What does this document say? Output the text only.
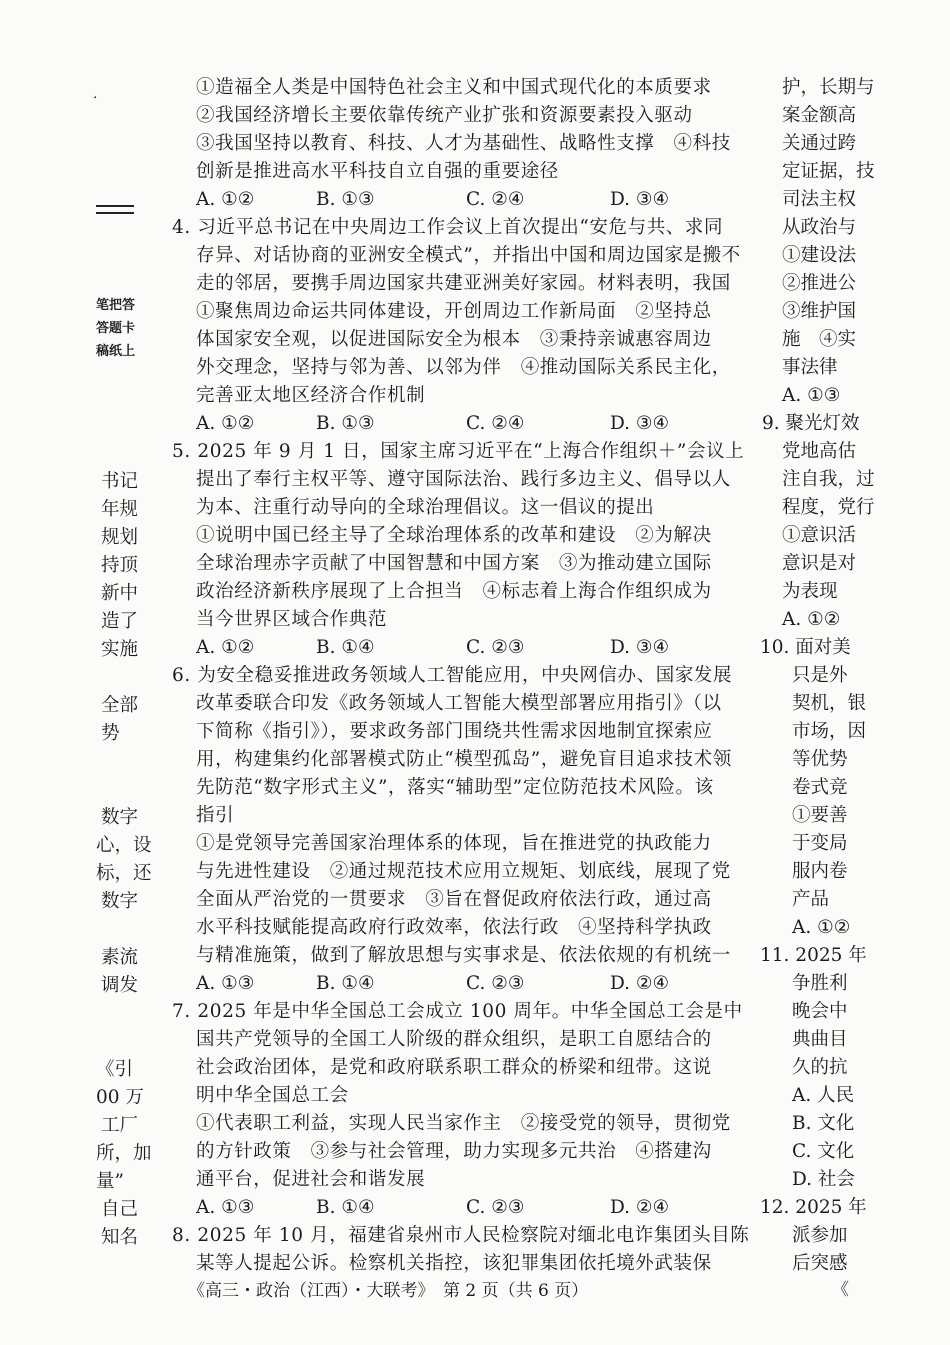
¸
笔把答
答题卡
稿纸上
书记
年规
规划
持顶
新中
造了
实施
全部
势
数字
心，设
标，还
数字
素流
调发
《引
00 万
工厂
所，加
量”
自己
知名
①造福全人类是中国特色社会主义和中国式现代化的本质要求
②我国经济增长主要依靠传统产业扩张和资源要素投入驱动
③我国坚持以教育、科技、人才为基础性、战略性支撑　④科技
创新是推进高水平科技自立自强的重要途径
A. ①②	B. ①③	C. ②④	D. ③④
4. 习近平总书记在中央周边工作会议上首次提出“安危与共、求同
存异、对话协商的亚洲安全模式”，并指出中国和周边国家是搬不
走的邻居，要携手周边国家共建亚洲美好家园。材料表明，我国
①聚焦周边命运共同体建设，开创周边工作新局面　②坚持总
体国家安全观，以促进国际安全为根本　③秉持亲诚惠容周边
外交理念，坚持与邻为善、以邻为伴　④推动国际关系民主化，
完善亚太地区经济合作机制
A. ①②	B. ①③	C. ②④	D. ③④
5. 2025 年 9 月 1 日，国家主席习近平在“上海合作组织＋”会议上
提出了奉行主权平等、遵守国际法治、践行多边主义、倡导以人
为本、注重行动导向的全球治理倡议。这一倡议的提出
①说明中国已经主导了全球治理体系的改革和建设　②为解决
全球治理赤字贡献了中国智慧和中国方案　③为推动建立国际
政治经济新秩序展现了上合担当　④标志着上海合作组织成为
当今世界区域合作典范
A. ①②	B. ①④	C. ②③	D. ③④
6. 为安全稳妥推进政务领域人工智能应用，中央网信办、国家发展
改革委联合印发《政务领域人工智能大模型部署应用指引》（以
下简称《指引》），要求政务部门围绕共性需求因地制宜探索应
用，构建集约化部署模式防止“模型孤岛”，避免盲目追求技术领
先防范“数字形式主义”，落实“辅助型”定位防范技术风险。该
指引
①是党领导完善国家治理体系的体现，旨在推进党的执政能力
与先进性建设　②通过规范技术应用立规矩、划底线，展现了党
全面从严治党的一贯要求　③旨在督促政府依法行政，通过高
水平科技赋能提高政府行政效率，依法行政　④坚持科学执政
与精准施策，做到了解放思想与实事求是、依法依规的有机统一
A. ①③	B. ①④	C. ②③	D. ②④
7. 2025 年是中华全国总工会成立 100 周年。中华全国总工会是中
国共产党领导的全国工人阶级的群众组织，是职工自愿结合的
社会政治团体，是党和政府联系职工群众的桥梁和纽带。这说
明中华全国总工会
①代表职工利益，实现人民当家作主　②接受党的领导，贯彻党
的方针政策　③参与社会管理，助力实现多元共治　④搭建沟
通平台，促进社会和谐发展
A. ①③	B. ①④	C. ②③	D. ②④
8. 2025 年 10 月，福建省泉州市人民检察院对缅北电诈集团头目陈
某等人提起公诉。检察机关指控，该犯罪集团依托境外武装保
护，长期与
案金额高
关通过跨
定证据，技
司法主权
从政治与
①建设法
②推进公
③维护国
施　④实
事法律
A. ①③
9. 聚光灯效
党地高估
注自我，过
程度，党行
①意识活
意识是对
为表现
A. ①②
10. 面对美
只是外
契机，银
市场，因
等优势
卷式竞
①要善
于变局
服内卷
产品
A. ①②
11. 2025 年
争胜利
晚会中
典曲目
久的抗
A. 人民
B. 文化
C. 文化
D. 社会
12. 2025 年
派参加
后突感
《
《高三・政治（江西）・大联考》　第 2 页（共 6 页）
